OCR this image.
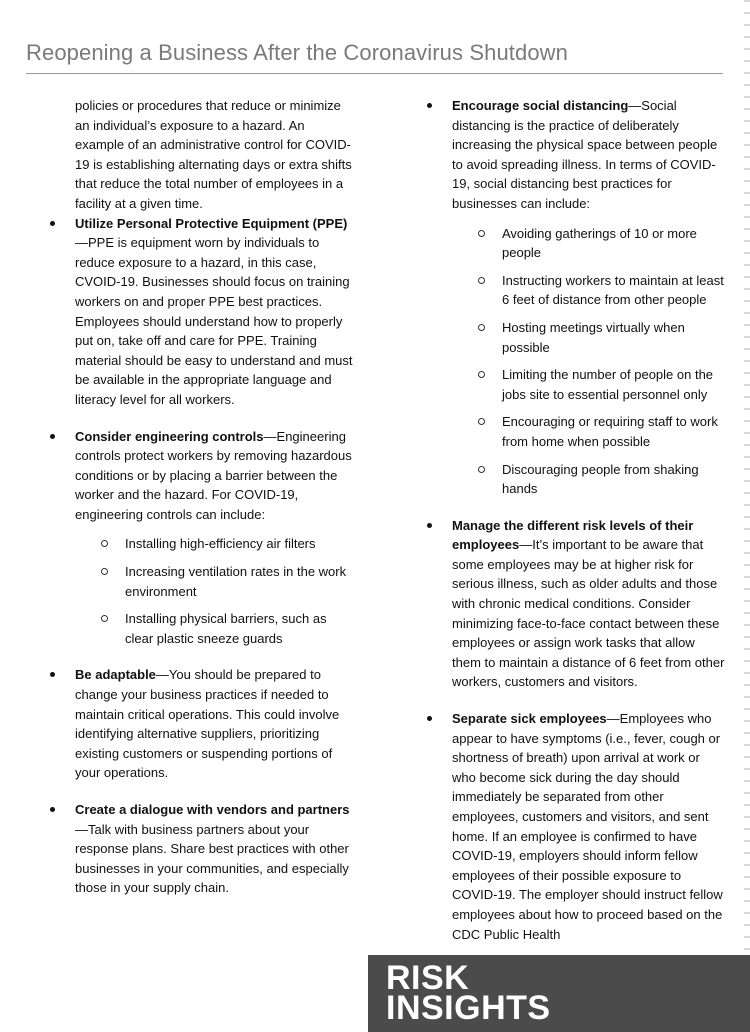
Reopening a Business After the Coronavirus Shutdown

policies or procedures that reduce or minimize an individual’s exposure to a hazard. An example of an administrative control for COVID-19 is establishing alternating days or extra shifts that reduce the total number of employees in a facility at a given time.

Utilize Personal Protective Equipment (PPE)—PPE is equipment worn by individuals to reduce exposure to a hazard, in this case, CVOID-19. Businesses should focus on training workers on and proper PPE best practices. Employees should understand how to properly put on, take off and care for PPE. Training material should be easy to understand and must be available in the appropriate language and literacy level for all workers.

Consider engineering controls—Engineering controls protect workers by removing hazardous conditions or by placing a barrier between the worker and the hazard. For COVID-19, engineering controls can include:

Installing high-efficiency air filters
Increasing ventilation rates in the work environment
Installing physical barriers, such as clear plastic sneeze guards

Be adaptable—You should be prepared to change your business practices if needed to maintain critical operations. This could involve identifying alternative suppliers, prioritizing existing customers or suspending portions of your operations.

Create a dialogue with vendors and partners—Talk with business partners about your response plans. Share best practices with other businesses in your communities, and especially those in your supply chain.

Encourage social distancing—Social distancing is the practice of deliberately increasing the physical space between people to avoid spreading illness. In terms of COVID-19, social distancing best practices for businesses can include:

Avoiding gatherings of 10 or more people
Instructing workers to maintain at least 6 feet of distance from other people
Hosting meetings virtually when possible
Limiting the number of people on the jobs site to essential personnel only
Encouraging or requiring staff to work from home when possible
Discouraging people from shaking hands

Manage the different risk levels of their employees—It’s important to be aware that some employees may be at higher risk for serious illness, such as older adults and those with chronic medical conditions. Consider minimizing face-to-face contact between these employees or assign work tasks that allow them to maintain a distance of 6 feet from other workers, customers and visitors.

Separate sick employees—Employees who appear to have symptoms (i.e., fever, cough or shortness of breath) upon arrival at work or who become sick during the day should immediately be separated from other employees, customers and visitors, and sent home. If an employee is confirmed to have COVID-19, employers should inform fellow employees of their possible exposure to COVID-19. The employer should instruct fellow employees about how to proceed based on the CDC Public Health

RISK
INSIGHTS
